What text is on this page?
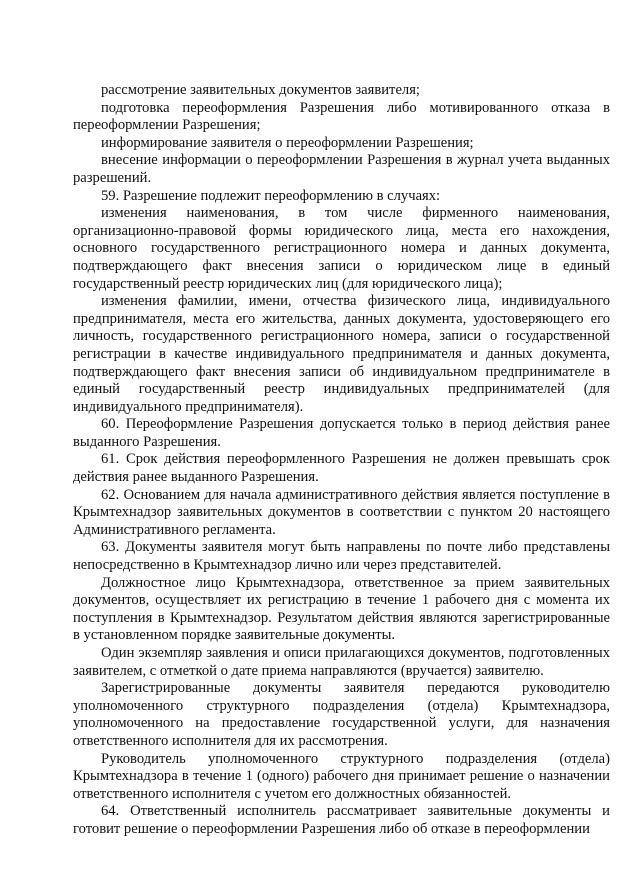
рассмотрение заявительных документов заявителя;

подготовка переоформления Разрешения либо мотивированного отказа в переоформлении Разрешения;

информирование заявителя о переоформлении Разрешения;

внесение информации о переоформлении Разрешения в журнал учета выданных разрешений.

59. Разрешение подлежит переоформлению в случаях:

изменения наименования, в том числе фирменного наименования, организационно-правовой формы юридического лица, места его нахождения, основного государственного регистрационного номера и данных документа, подтверждающего факт внесения записи о юридическом лице в единый государственный реестр юридических лиц (для юридического лица);

изменения фамилии, имени, отчества физического лица, индивидуального предпринимателя, места его жительства, данных документа, удостоверяющего его личность, государственного регистрационного номера, записи о государственной регистрации в качестве индивидуального предпринимателя и данных документа, подтверждающего факт внесения записи об индивидуальном предпринимателе в единый государственный реестр индивидуальных предпринимателей (для индивидуального предпринимателя).

60. Переоформление Разрешения допускается только в период действия ранее выданного Разрешения.

61. Срок действия переоформленного Разрешения не должен превышать срок действия ранее выданного Разрешения.

62. Основанием для начала административного действия является поступление в Крымтехнадзор заявительных документов в соответствии с пунктом 20 настоящего Административного регламента.

63. Документы заявителя могут быть направлены по почте либо представлены непосредственно в Крымтехнадзор лично или через представителей.

Должностное лицо Крымтехнадзора, ответственное за прием заявительных документов, осуществляет их регистрацию в течение 1 рабочего дня с момента их поступления в Крымтехнадзор. Результатом действия являются зарегистрированные в установленном порядке заявительные документы.

Один экземпляр заявления и описи прилагающихся документов, подготовленных заявителем, с отметкой о дате приема направляются (вручается) заявителю.

Зарегистрированные документы заявителя передаются руководителю уполномоченного структурного подразделения (отдела) Крымтехнадзора, уполномоченного на предоставление государственной услуги, для назначения ответственного исполнителя для их рассмотрения.

Руководитель уполномоченного структурного подразделения (отдела) Крымтехнадзора в течение 1 (одного) рабочего дня принимает решение о назначении ответственного исполнителя с учетом его должностных обязанностей.

64. Ответственный исполнитель рассматривает заявительные документы и готовит решение о переоформлении Разрешения либо об отказе в переоформлении
